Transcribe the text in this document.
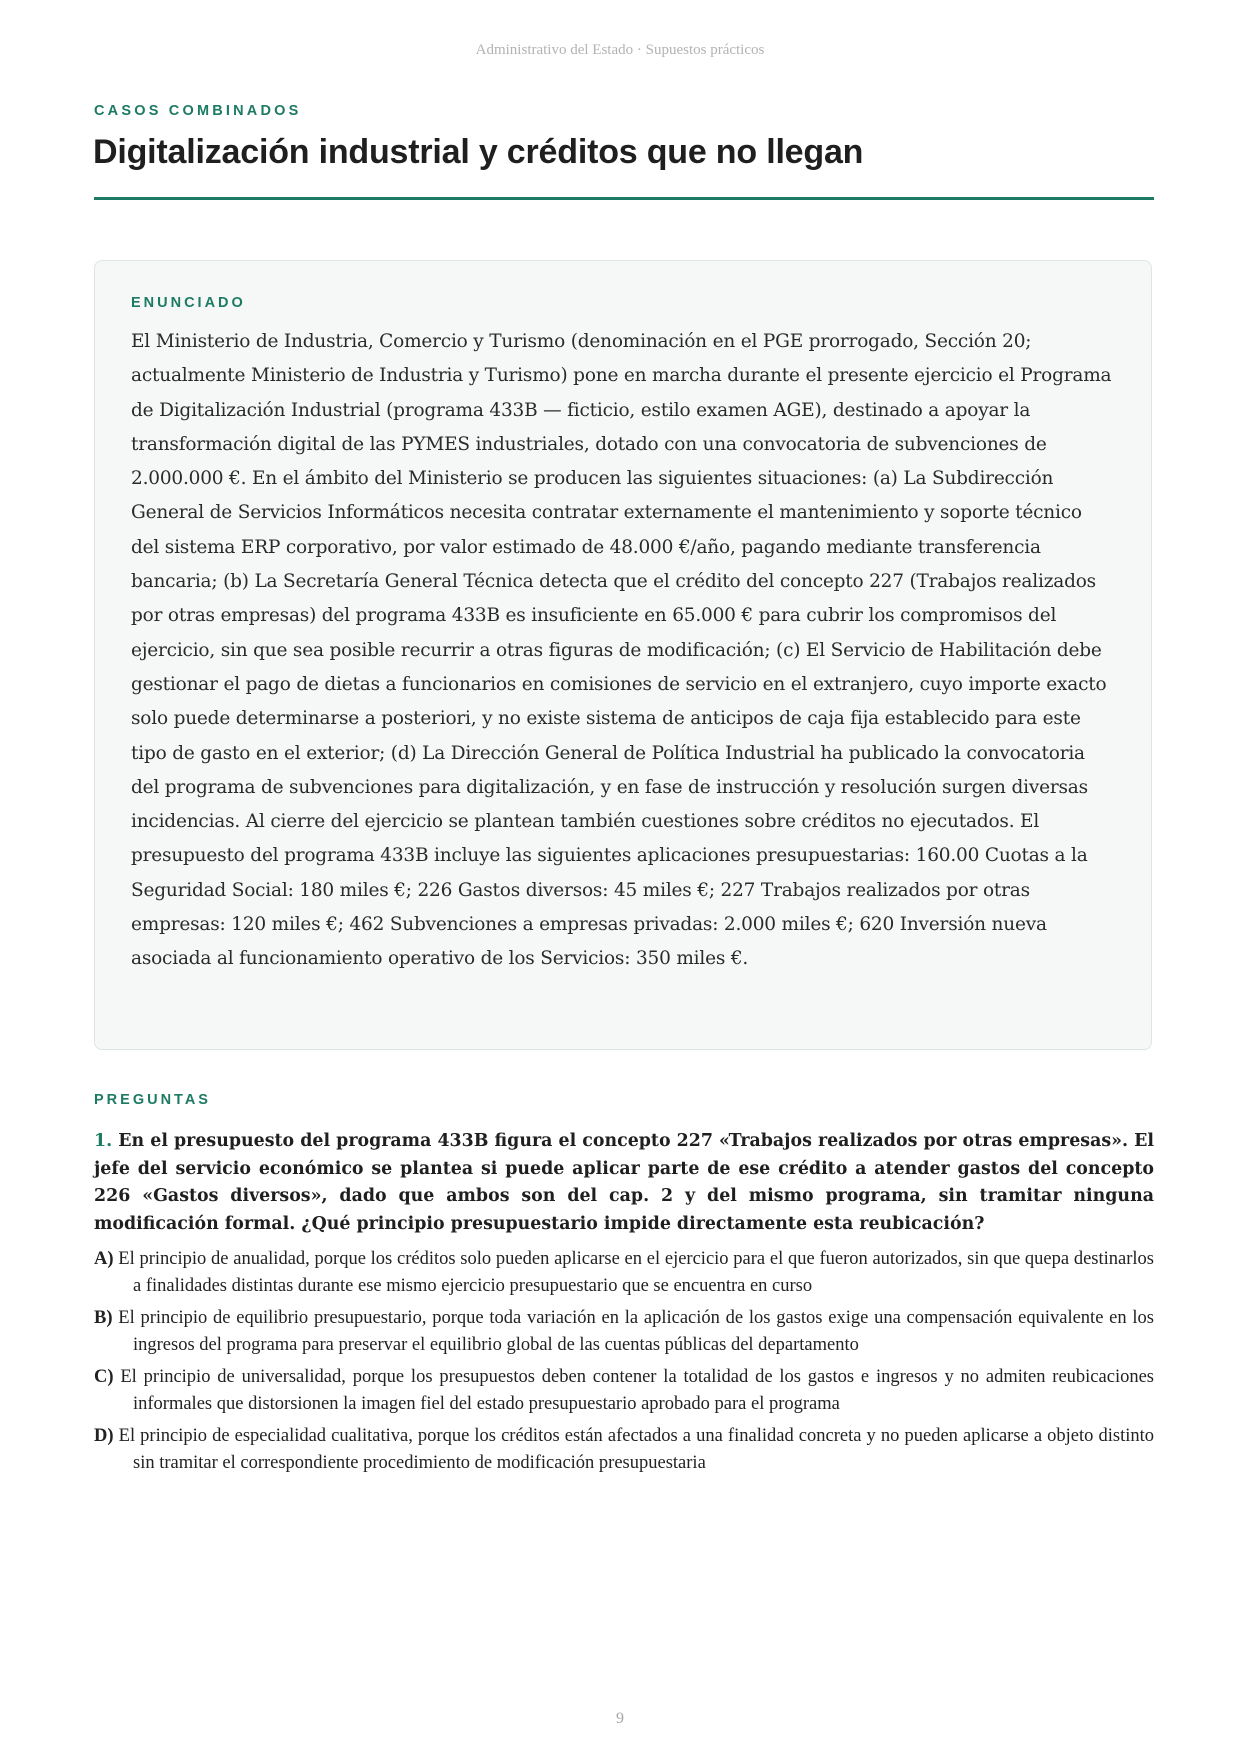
Administrativo del Estado · Supuestos prácticos
CASOS COMBINADOS
Digitalización industrial y créditos que no llegan
ENUNCIADO

El Ministerio de Industria, Comercio y Turismo (denominación en el PGE prorrogado, Sección 20; actualmente Ministerio de Industria y Turismo) pone en marcha durante el presente ejercicio el Programa de Digitalización Industrial (programa 433B — ficticio, estilo examen AGE), destinado a apoyar la transformación digital de las PYMES industriales, dotado con una convocatoria de subvenciones de 2.000.000 €. En el ámbito del Ministerio se producen las siguientes situaciones: (a) La Subdirección General de Servicios Informáticos necesita contratar externamente el mantenimiento y soporte técnico del sistema ERP corporativo, por valor estimado de 48.000 €/año, pagando mediante transferencia bancaria; (b) La Secretaría General Técnica detecta que el crédito del concepto 227 (Trabajos realizados por otras empresas) del programa 433B es insuficiente en 65.000 € para cubrir los compromisos del ejercicio, sin que sea posible recurrir a otras figuras de modificación; (c) El Servicio de Habilitación debe gestionar el pago de dietas a funcionarios en comisiones de servicio en el extranjero, cuyo importe exacto solo puede determinarse a posteriori, y no existe sistema de anticipos de caja fija establecido para este tipo de gasto en el exterior; (d) La Dirección General de Política Industrial ha publicado la convocatoria del programa de subvenciones para digitalización, y en fase de instrucción y resolución surgen diversas incidencias. Al cierre del ejercicio se plantean también cuestiones sobre créditos no ejecutados. El presupuesto del programa 433B incluye las siguientes aplicaciones presupuestarias: 160.00 Cuotas a la Seguridad Social: 180 miles €; 226 Gastos diversos: 45 miles €; 227 Trabajos realizados por otras empresas: 120 miles €; 462 Subvenciones a empresas privadas: 2.000 miles €; 620 Inversión nueva asociada al funcionamiento operativo de los Servicios: 350 miles €.

PREGUNTAS

1. En el presupuesto del programa 433B figura el concepto 227 «Trabajos realizados por otras empresas». El jefe del servicio económico se plantea si puede aplicar parte de ese crédito a atender gastos del concepto 226 «Gastos diversos», dado que ambos son del cap. 2 y del mismo programa, sin tramitar ninguna modificación formal. ¿Qué principio presupuestario impide directamente esta reubicación?

A) El principio de anualidad, porque los créditos solo pueden aplicarse en el ejercicio para el que fueron autorizados, sin que quepa destinarlos a finalidades distintas durante ese mismo ejercicio presupuestario que se encuentra en curso
B) El principio de equilibrio presupuestario, porque toda variación en la aplicación de los gastos exige una compensación equivalente en los ingresos del programa para preservar el equilibrio global de las cuentas públicas del departamento
C) El principio de universalidad, porque los presupuestos deben contener la totalidad de los gastos e ingresos y no admiten reubicaciones informales que distorsionen la imagen fiel del estado presupuestario aprobado para el programa
D) El principio de especialidad cualitativa, porque los créditos están afectados a una finalidad concreta y no pueden aplicarse a objeto distinto sin tramitar el correspondiente procedimiento de modificación presupuestaria
9
